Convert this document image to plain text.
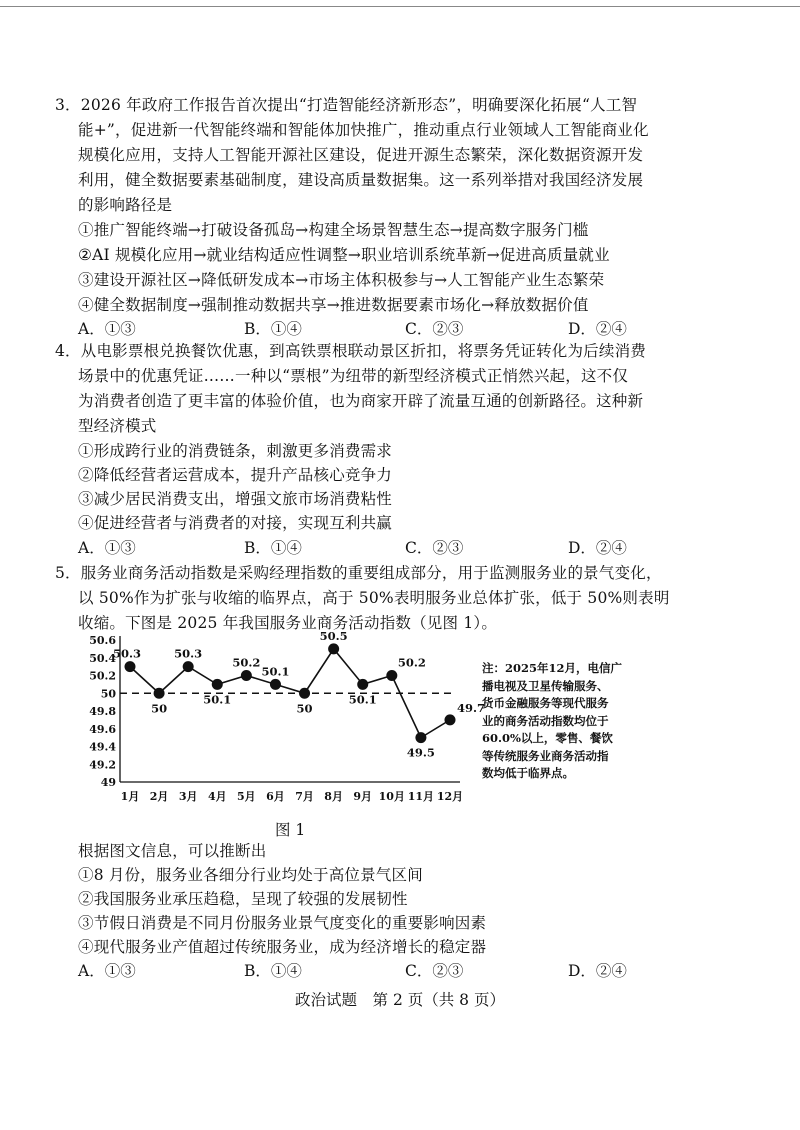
3．2026 年政府工作报告首次提出“打造智能经济新形态”，明确要深化拓展“人工智
能+”，促进新一代智能终端和智能体加快推广，推动重点行业领域人工智能商业化
规模化应用，支持人工智能开源社区建设，促进开源生态繁荣，深化数据资源开发
利用，健全数据要素基础制度，建设高质量数据集。这一系列举措对我国经济发展
的影响路径是
①推广智能终端→打破设备孤岛→构建全场景智慧生态→提高数字服务门槛
②AI 规模化应用→就业结构适应性调整→职业培训系统革新→促进高质量就业
③建设开源社区→降低研发成本→市场主体积极参与→人工智能产业生态繁荣
④健全数据制度→强制推动数据共享→推进数据要素市场化→释放数据价值
A．①③	B．①④	C．②③	D．②④
4．从电影票根兑换餐饮优惠，到高铁票根联动景区折扣，将票务凭证转化为后续消费
场景中的优惠凭证……一种以“票根”为纽带的新型经济模式正悄然兴起，这不仅
为消费者创造了更丰富的体验价值，也为商家开辟了流量互通的创新路径。这种新
型经济模式
①形成跨行业的消费链条，刺激更多消费需求
②降低经营者运营成本，提升产品核心竞争力
③减少居民消费支出，增强文旅市场消费粘性
④促进经营者与消费者的对接，实现互利共赢
A．①③	B．①④	C．②③	D．②④
5．服务业商务活动指数是采购经理指数的重要组成部分，用于监测服务业的景气变化，
以 50%作为扩张与收缩的临界点，高于 50%表明服务业总体扩张，低于 50%则表明
收缩。下图是 2025 年我国服务业商务活动指数（见图 1）。
50.6
50.4
50.2
50
49.8
49.6
49.4
49.2
49
1月 2月 3月 4月 5月 6月 7月 8月 9月 10月 11月 12月
50.3
50
50.3
50.1
50.2
50.1
50
50.5
50.1
50.2
49.5
49.7
注：2025年12月，电信广
播电视及卫星传输服务、
货币金融服务等现代服务
业的商务活动指数均位于
60.0%以上，零售、餐饮
等传统服务业商务活动指
数均低于临界点。
图 1
根据图文信息，可以推断出
①8 月份，服务业各细分行业均处于高位景气区间
②我国服务业承压趋稳，呈现了较强的发展韧性
③节假日消费是不同月份服务业景气度变化的重要影响因素
④现代服务业产值超过传统服务业，成为经济增长的稳定器
A．①③	B．①④	C．②③	D．②④
政治试题　第 2 页（共 8 页）
